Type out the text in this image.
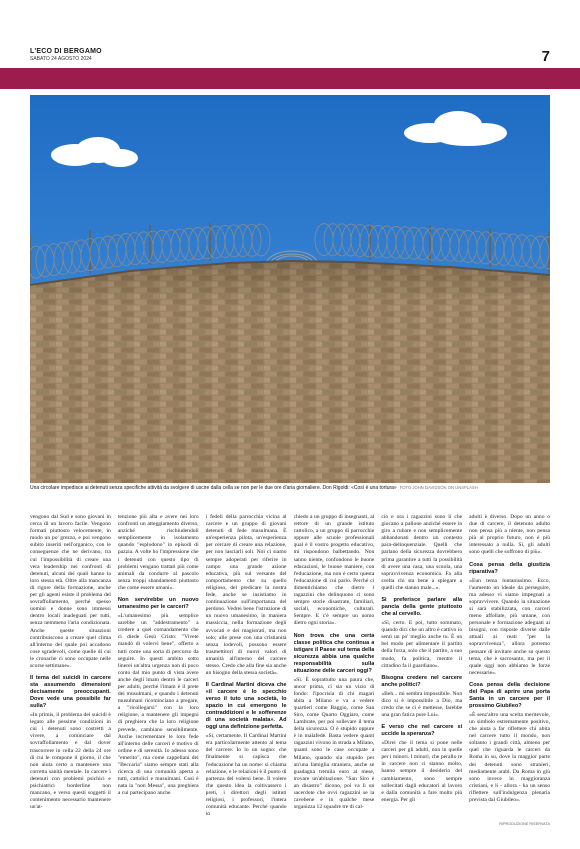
L'ECO DI BERGAMO
SABATO 24 AGOSTO 2024	7
Una circolare impedisce ai detenuti senza specifiche attività da svolgere di uscire dalla cella se non per le due ore d'aria giornaliere. Don Rigoldi: «Così è una tortura» FOTO JOHN DAVIDSON ON UNSPLASH

vengono dal Sud e sono giovani in cerca di un lavoro facile. Vengono formati piuttosto velocemente, in modo un po' grezzo, e poi vengono subito inseriti nell'organico, con le conseguenze che ne derivano, tra cui l'impossibilità di creare una vera leadership nei confronti di detenuti, alcuni dei quali hanno la loro stessa età. Oltre alla mancanza di rigore della formazione, anche per gli agenti esiste il problema del sovraffollamento, perché spesso uomini e donne sono immessi dentro locali inadeguati per tutti, senza nemmeno l'aria condizionata. Anche queste situazioni contribuiscono a creare quel clima all'interno del quale poi accadono cose sgradevoli, come quelle di cui le cronache ci sono occupate nelle scorse settimane».

Il tema del suicidi in carcere sta assumendo dimensioni decisamente preoccupanti. Dove vede una possibile far sulla?

«In primis, il problema dei suicidi è legato alle pessime condizioni in cui i detenuti sono costretti a vivere, a cominciare dal sovraffollamento e dal dover trascorrere in cella 22 della 24 ore di cui le compone il giorno, il che non aiuta certo a mantenere una corretta sanità mentale. In carcere i detenuti con problemi psichici e psichiatrici borderline non mancano, e verso questi soggetti il contenimento necessario mantenere un'at-

tenzione più alta e avere nei loro confronti un atteggiamento diverso, anziché rischiudendoli semplicemente in isolamento quando "esplodono" in episodi di pazzia. A volte ho l'impressione che i detenuti con questo tipo di problemi vengano trattati più come animali da condurre al pascolo senza troppi sbandamenti piuttosto che come essere umani».

Non servirebbe un nuovo umanesimo per le carceri?

«L'umanesimo più semplice sarebbe un "addestramento" a credere a quel comandamento che ci diede Gesù Cristo: "Vivete mandò di volervi bene", offerto a tutti come una sorta di percorso da seguire. In questi ambito sotto linerei un'altra urgenza non di poco conto dal mio punto di vista avere anche degli imam dentro le carceri per adulti, perché l'imam è il prete dei musulmani, e quando i detenuti musulmani ricominciano a pregare, a "ricollegarsi" con la loro religione, a mantenere gli impegni di preghiera che la loro religione prevede, cambiano sensibilmente. Anche incrementare le loro fede all'interno delle carceri è motivo di ordine e di serenità. Io adesso sono "emerito", ma come cappellani del "Beccaria" siamo sempre stati alla ricerca di una comunità aperta a tutti, cattolici e musulmani. Così è nata la "non Messa", una preghiera a cui partecipano anche

i fedeli della parrocchia vicina al carcere e un gruppo di giovani detenuti di fede musulmana. È un'esperienza pilota, un'esperienza per cercare di creare una relazione, per non lasciarli soli. Noi ci siamo sempre adoperati per riferire in campo una grande azione educativa, più sul versante del comportamento che su quello religioso, del predicare la nostra fede, anche se insistiamo in continuazione sull'importanza del perdono. Vedrei bene l'istruzione di un nuovo umanesimo, in maniera massiccia, nella formazione degli avvocati e dei magistrati, ma non solo; alle prese con una cristianità senza lodevoli, possono essere trasmettitori di nuovi valori di umanità all'interno del carcere stesso. Credo che alla fine sia anche un bisogno della stessa società».

Il Cardinal Martini diceva che «il carcere è lo specchio verso il tuto una società, lo spazio in cui emergono le contraddizioni e le sofferenze di una società malata». Ad oggi una definizione perfetta.

«Sì, certamente. Il Cardinal Martini era particolarmente attento al tema del carcere. Io lo un sogno: che finalmente si capisca che l'educazione ha un nome: si chiama relazione, e le relazioni è il punto di partenza del volersi bene. Il volere che questo idea la coltivassero i preti, i direttori degli istituti religiosi, i professori, l'intera comunità educante. Perché quando io

chiedo a un gruppo di insegnanti, al rettore di un grande istituto cattolico, a un gruppo di parrocchie oppure alle scuole professionali qual è il vostro progetto educativo, mi rispondono balbettando. Non sanno niente, confondono le buone educazioni, le buone maniere, con l'educazione, ma non è certo questa l'educazione di cui parlo. Perché ci dimentichiamo che dietro i ragazzini che delinquono ci sono sempre storie disastrate, familiari, sociali, economiche, culturali. Sempre. E c'è sempre un uomo dietro ogni storia».

Non trova che una certa classe politica che continua a istigare il Paese sul tema della sicurezza abbia una qualche responsabilità sulla situazione delle carceri oggi?

«Sì. È soprattutto una paura che, ancor prima, ci sia un vizio di fondo: l'ipocrisia di chi magari abita a Milano e va a vedere quartieri come Baggio, come San Siro, come Quarto Oggiaro, come Lambrate, per poi sollevare il tema della sicurezza. O è stupido oppure è in malafede. Basta vedere quanti ragazzini vivono in strada a Milano, quanti sono le case occupate a Milano, quando sia stupido per un'una famiglia straniera, anche se guadagna tremila euro al mese, trovare un'abitazione. "San Siro è un disastro" dicono, poi va lì un sacerdote che ovvi ragazzini se la cavebene e in qualche mese organizza 12 squadre tre di cal-

cio e ora i ragazzini sono lì che giocano a pallone anziché essere in giro a rubare e non semplicemente abbandonati dentro un contesto para-delinquenziale. Quelli che parlano della sicurezza dovrebbero prima garantire a tutti la possibilità di avere una casa, una scuola, una sopravvivenza economica. Fa alla svelta chi sta bene a spiegare a quelli che stanno male...».

Si preferisce parlare alla pancia della gente piuttosto che al cervello.

«Sì, certo. E poi, tutto sommato, quando dici che un altro è cattivo io sentì un po' meglio anche tu. È un bel modo per alimentare il partito della forza, solo che il partito, a suo modo, fa politica, mentre il cittadino fa il guardiano».

Bisogna credere nel carcere anche politici?

«Beh... mi sembra impossibile. Non dico si è impossibile a Dio, ma credo che se ci è mettesse, farebbe una gran fatica pure Lui».

E verso che nel carcere si uccide la speranza?

«Direi che il tema si pone nelle carceri per gli adulti, non in quelle per i minori. I minori, che perallo re in carcere non ci stanno molto, hanno sempre il desiderio del cambiamento, sono sempre sollecitati dagli educatori al lavoro e dalla comunità a fare molto più energia. Per gli

adulti è diverso. Dopo un anno o due di carcere, il detenuto adulto non pensa più a niente, non pensa più al proprio futuro, non è più interessato a nulla. Sì, gli adulti sono quelli che soffrono di più».

Cosa pensa della giustizia riparativa?

«Eun tema lontanissimo. Ecco, l'aumento un ideale da perseguire, ma adesso vi siamo impegnati a sopravvivere. Quando la situazione si sarà stabilizzata, con carceri meno affollate, più umane, con personale e formazione adeguati ai bisogni, con risposte diverse dalle attuali ai reati "per la sopravvivenza", allora potremo pensare di invitare anche su questo tema, che è sacrosanto, ma per il quale oggi non abbiamo le forze necessarie».

Cosa pensa della decisione del Papa di aprire una porta Santa in un carcere per il prossimo Giubileo?

«È senz'altro una scelta meritevole, un simbolo estremamente positivo, che aiuta a far riflettere chi abita nel carcere tutto il mondo, non soltanto i grandi città, almeno per quel che riguarda le carceri da Roma in su, dove la maggior parte dei detenuti sono stranieri, mediamente arabi. Da Roma in giù sono invece in maggioranza cristiani, e li - allora - ha un senso riflettere sull'indulgenza plenaria prevista dal Giubileo».

RIPRODUZIONE RISERVATA
